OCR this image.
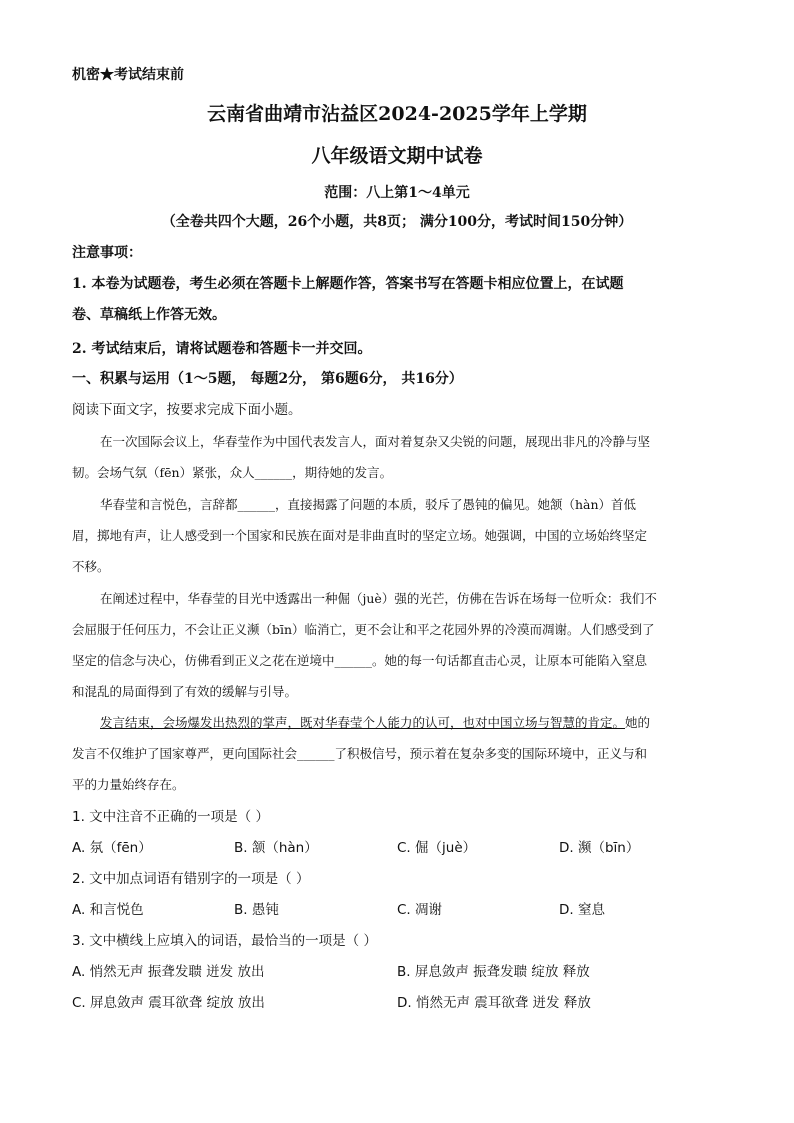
机密★考试结束前
云南省曲靖市沾益区2024-2025学年上学期
八年级语文期中试卷
范围：八上第1～4单元
（全卷共四个大题，26个小题，共8页； 满分100分，考试时间150分钟）
注意事项：
1. 本卷为试题卷，考生必须在答题卡上解题作答，答案书写在答题卡相应位置上，在试题
卷、草稿纸上作答无效。
2. 考试结束后，请将试题卷和答题卡一并交回。
一、积累与运用（1～5题， 每题2分， 第6题6分， 共16分）
阅读下面文字，按要求完成下面小题。
在一次国际会议上，华春莹作为中国代表发言人，面对着复杂又尖锐的问题，展现出非凡的冷静与坚
韧。会场气氛（fēn）紧张，众人______，期待她的发言。
华春莹和言悦色，言辞都______，直接揭露了问题的本质，驳斥了愚钝的偏见。她颔（hàn）首低
眉，掷地有声，让人感受到一个国家和民族在面对是非曲直时的坚定立场。她强调，中国的立场始终坚定
不移。
在阐述过程中，华春莹的目光中透露出一种倔（juè）强的光芒，仿佛在告诉在场每一位听众：我们不
会屈服于任何压力，不会让正义濒（bīn）临消亡，更不会让和平之花园外界的冷漠而凋谢。人们感受到了
坚定的信念与决心，仿佛看到正义之花在逆境中______。她的每一句话都直击心灵，让原本可能陷入窒息
和混乱的局面得到了有效的缓解与引导。
发言结束，会场爆发出热烈的掌声，既对华春莹个人能力的认可，也对中国立场与智慧的肯定。她的
发言不仅维护了国家尊严，更向国际社会______了积极信号，预示着在复杂多变的国际环境中，正义与和
平的力量始终存在。
1. 文中注音不正确的一项是（ ）
A. 氛（fēn）	B. 颔（hàn）	C. 倔（juè）	D. 濒（bīn）
2. 文中加点词语有错别字的一项是（ ）
A. 和言悦色	B. 愚钝	C. 凋谢	D. 窒息
3. 文中横线上应填入的词语，最恰当的一项是（ ）
A. 悄然无声 振聋发聩 迸发 放出	B. 屏息敛声 振聋发聩 绽放 释放
C. 屏息敛声 震耳欲聋 绽放 放出	D. 悄然无声 震耳欲聋 迸发 释放
